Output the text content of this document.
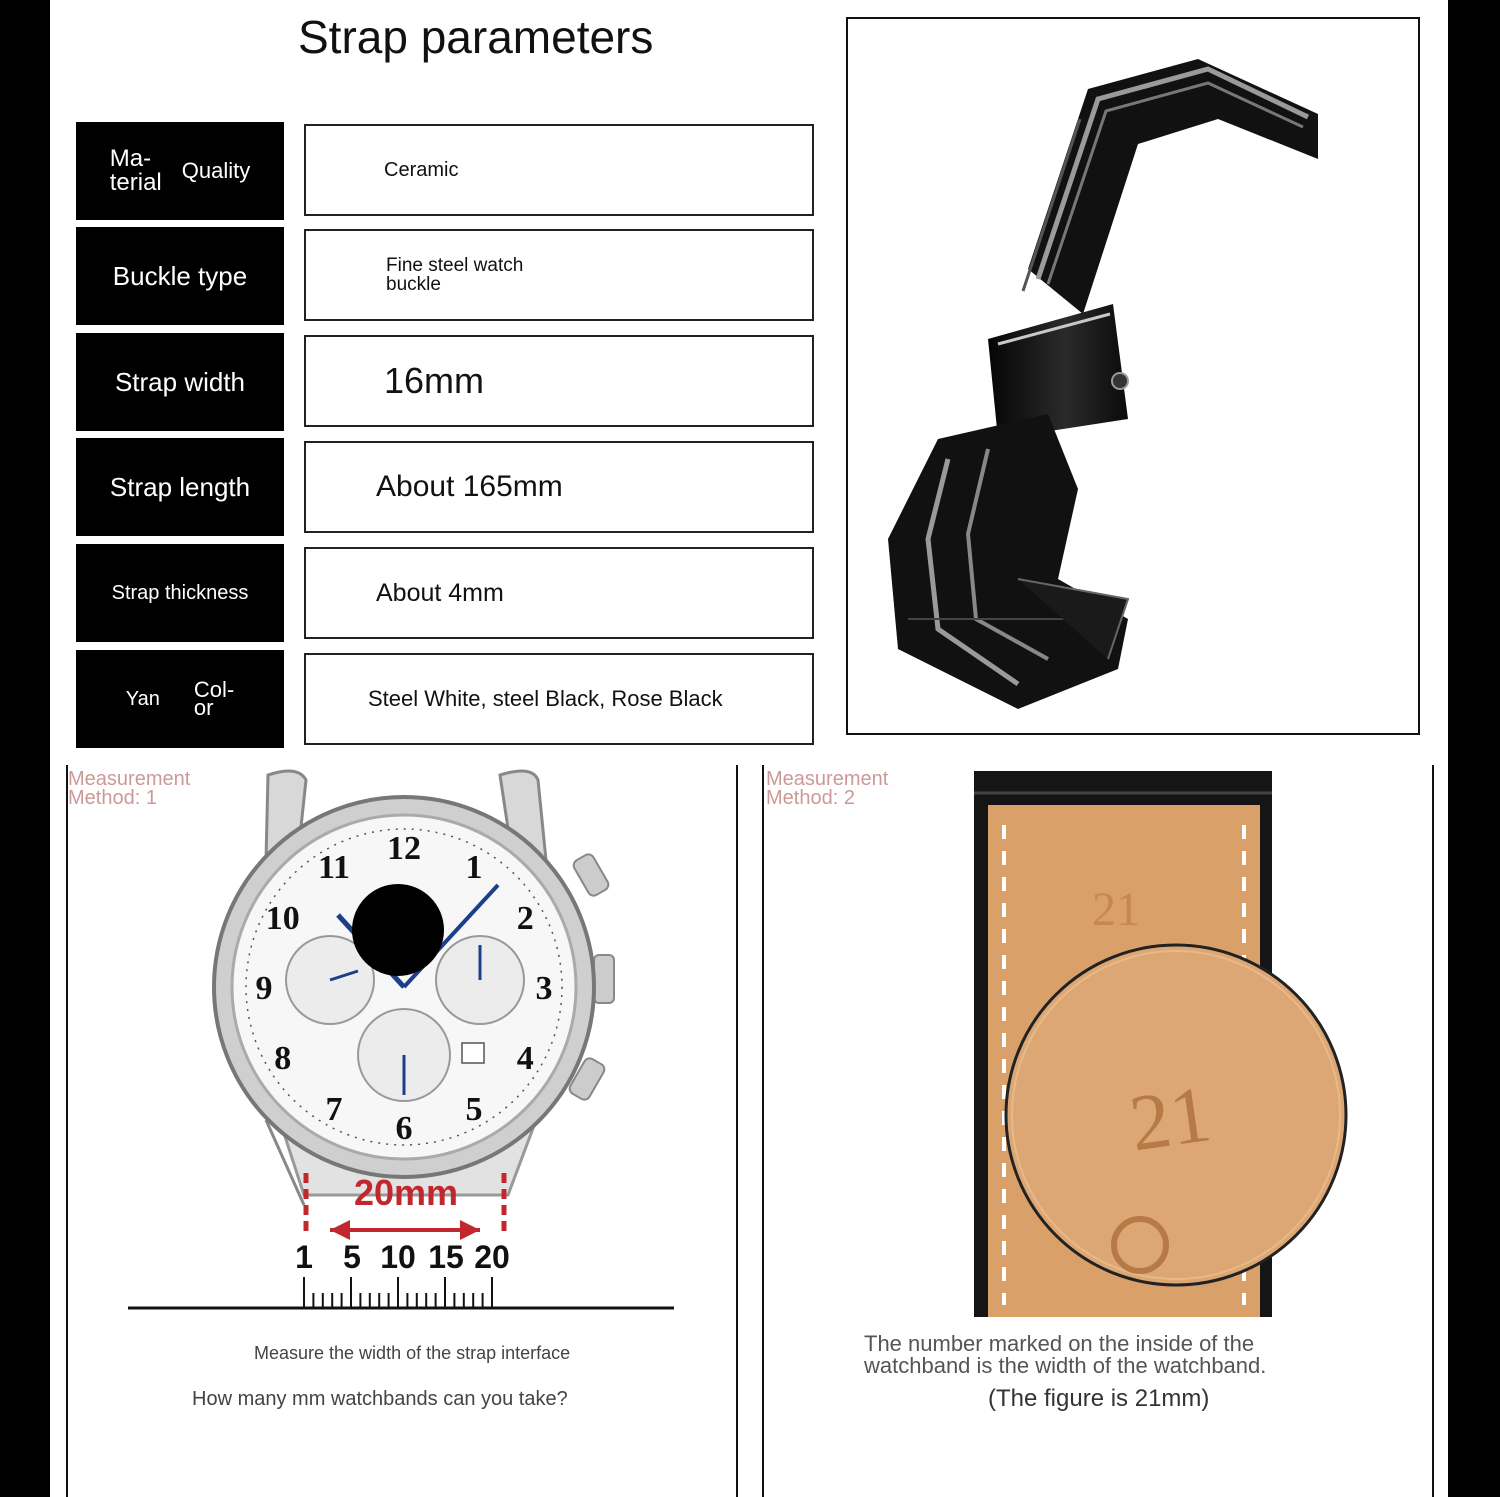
Strap parameters
Ma-
terial Quality	Ceramic
Buckle type	Fine steel watch
buckle
Strap width	16mm
Strap length	About 165mm
Strap thickness	About 4mm
Yan Col-
or	Steel White, steel Black, Rose Black
Measurement
Method: 1
12
1
2
3
4
5
6
7
8
9
10
11
20mm
1 5 10 15 20
Measure the width of the strap interface
How many mm watchbands can you take?
Measurement
Method: 2
21
21
The number marked on the inside of the
watchband is the width of the watchband.
(The figure is 21mm)
